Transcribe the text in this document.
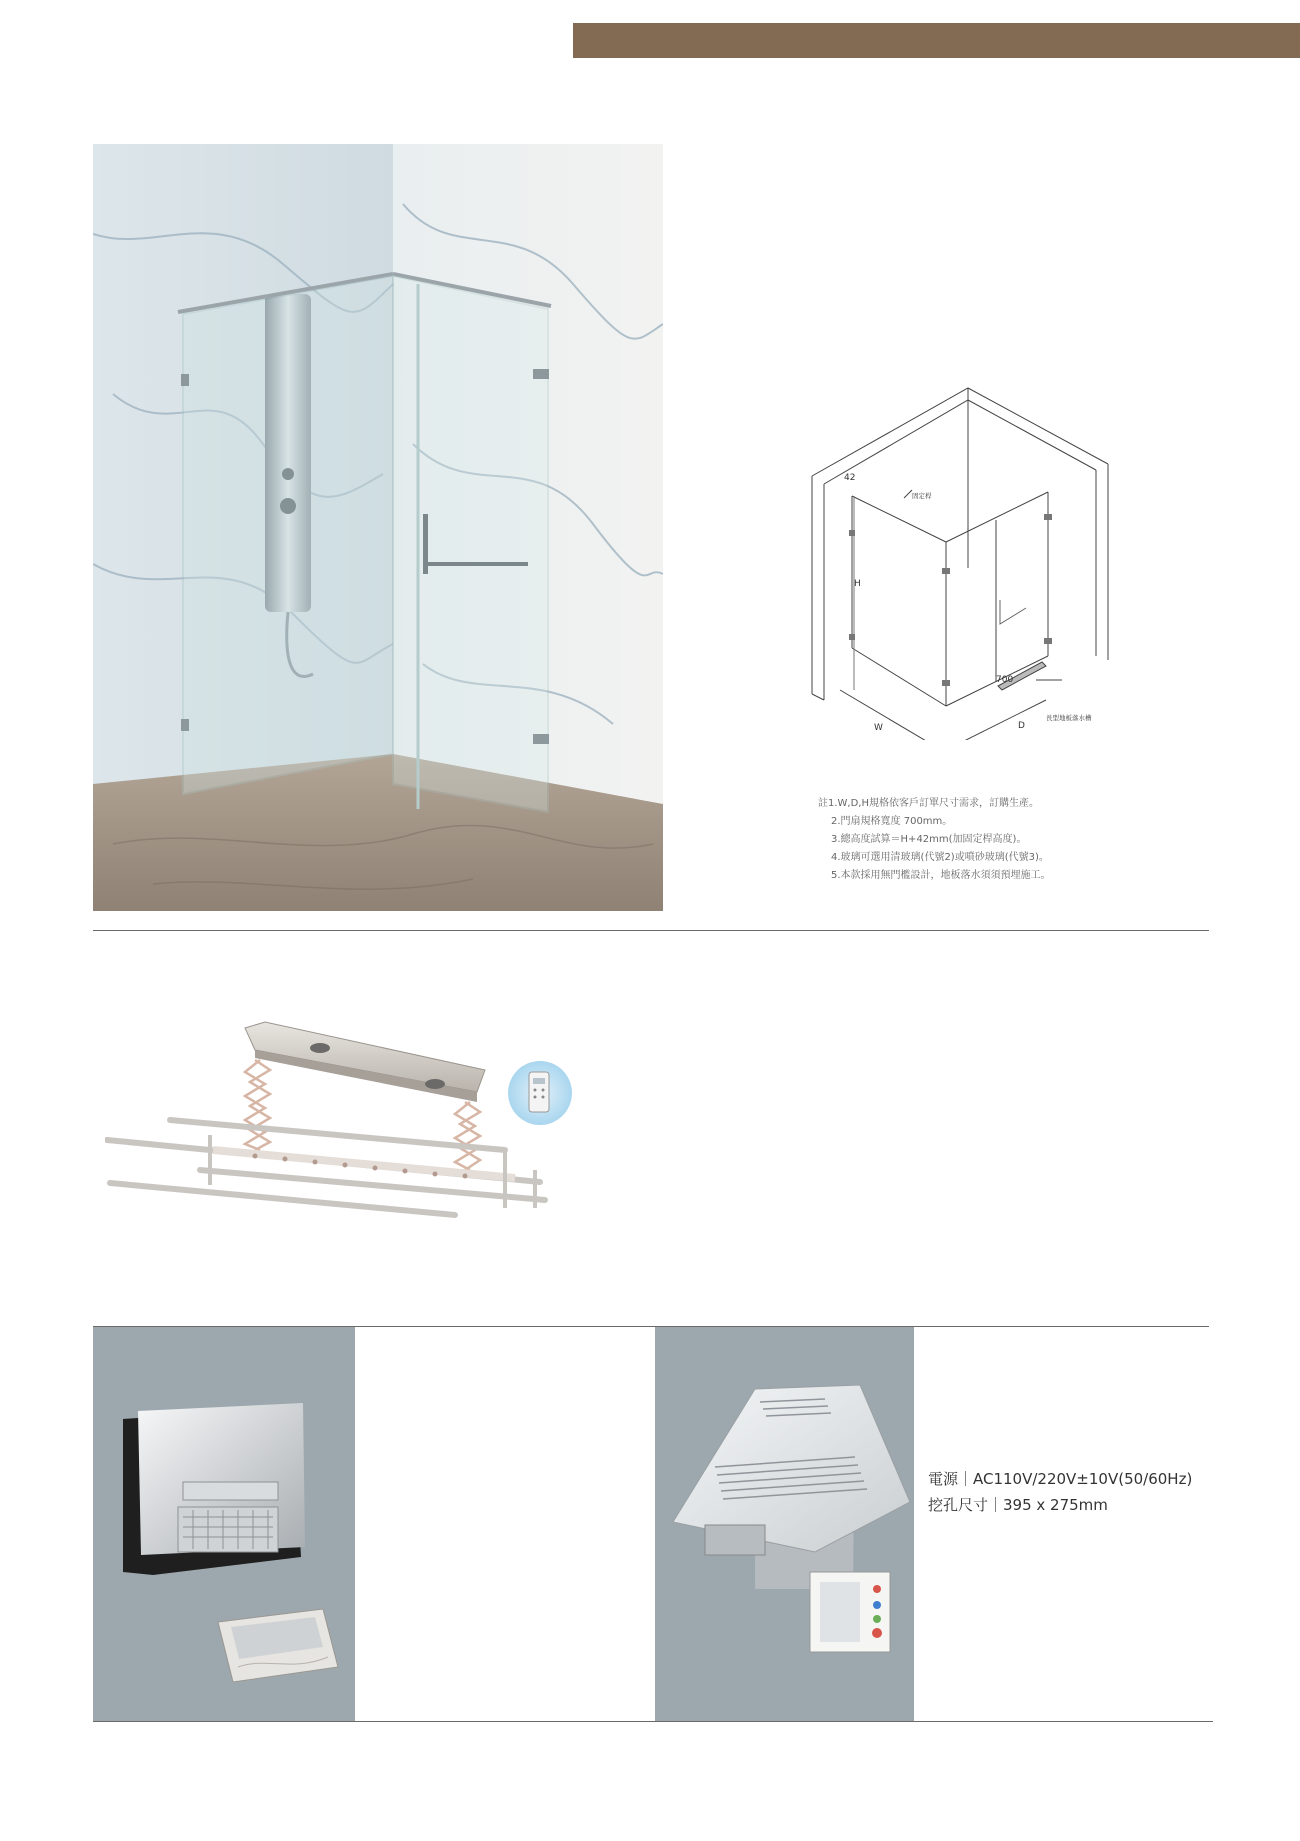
42
H
W	D
700
固定桿
長型地板落水槽
註1.W,D,H規格依客戶訂單尺寸需求，訂購生產。
2.門扇規格寬度 700mm。
3.總高度試算＝H+42mm(加固定桿高度)。
4.玻璃可選用清玻璃(代號2)或噴砂玻璃(代號3)。
5.本款採用無門檻設計，地板落水須須預埋施工。
電源｜AC110V/220V±10V(50/60Hz)
挖孔尺寸｜395 x 275mm
